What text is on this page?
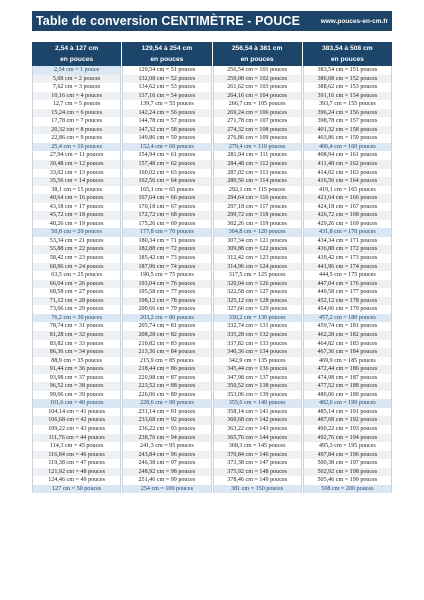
Table de conversion CENTIMÈTRE - POUCE	www.pouces-en-cm.fr
2,54 à 127 cm
en pouces
2,54 cm = 1 pouce
5,08 cm = 2 pouces
7,62 cm = 3 pouces
10,16 cm = 4 pouces
12,7 cm = 5 pouces
15,24 cm = 6 pouces
17,78 cm = 7 pouces
20,32 cm = 8 pouces
22,86 cm = 9 pouces
25,4 cm = 10 pouces
27,94 cm = 11 pouces
30,48 cm = 12 pouces
33,02 cm = 13 pouces
35,56 cm = 14 pouces
38,1 cm = 15 pouces
40,64 cm = 16 pouces
43,18 cm = 17 pouces
45,72 cm = 18 pouces
48,26 cm = 19 pouces
50,8 cm = 20 pouces
53,34 cm = 21 pouces
55,88 cm = 22 pouces
58,42 cm = 23 pouces
60,96 cm = 24 pouces
63,5 cm = 25 pouces
66,04 cm = 26 pouces
68,58 cm = 27 pouces
71,12 cm = 28 pouces
73,66 cm = 29 pouces
76,2 cm = 30 pouces
78,74 cm = 31 pouces
81,28 cm = 32 pouces
83,82 cm = 33 pouces
86,36 cm = 34 pouces
88,9 cm = 35 pouces
91,44 cm = 36 pouces
93,98 cm = 37 pouces
96,52 cm = 38 pouces
99,06 cm = 39 pouces
101,6 cm = 40 pouces
104,14 cm = 41 pouces
106,68 cm = 42 pouces
109,22 cm = 43 pouces
111,76 cm = 44 pouces
114,3 cm = 45 pouces
116,84 cm = 46 pouces
119,38 cm = 47 pouces
121,92 cm = 48 pouces
124,46 cm = 49 pouces
127 cm = 50 pouces
129,54 à 254 cm
en pouces
129,54 cm = 51 pouces
132,08 cm = 52 pouces
134,62 cm = 53 pouces
137,16 cm = 54 pouces
139,7 cm = 55 pouces
142,24 cm = 56 pouces
144,78 cm = 57 pouces
147,32 cm = 58 pouces
149,86 cm = 59 pouces
152,4 cm = 60 pouces
154,94 cm = 61 pouces
157,48 cm = 62 pouces
160,02 cm = 63 pouces
162,56 cm = 64 pouces
165,1 cm = 65 pouces
167,64 cm = 66 pouces
170,18 cm = 67 pouces
172,72 cm = 68 pouces
175,26 cm = 69 pouces
177,8 cm = 70 pouces
180,34 cm = 71 pouces
182,88 cm = 72 pouces
185,42 cm = 73 pouces
187,96 cm = 74 pouces
190,5 cm = 75 pouces
193,04 cm = 76 pouces
195,58 cm = 77 pouces
198,12 cm = 78 pouces
200,66 cm = 79 pouces
203,2 cm = 80 pouces
205,74 cm = 81 pouces
208,28 cm = 82 pouces
210,82 cm = 83 pouces
213,36 cm = 84 pouces
215,9 cm = 85 pouces
218,44 cm = 86 pouces
220,98 cm = 87 pouces
223,52 cm = 88 pouces
226,06 cm = 89 pouces
228,6 cm = 90 pouces
231,14 cm = 91 pouces
233,68 cm = 92 pouces
236,22 cm = 93 pouces
238,76 cm = 94 pouces
241,3 cm = 95 pouces
243,84 cm = 96 pouces
246,38 cm = 97 pouces
248,92 cm = 98 pouces
251,46 cm = 99 pouces
254 cm = 100 pouces
256,54 à 381 cm
en pouces
256,54 cm = 101 pouces
259,08 cm = 102 pouces
261,62 cm = 103 pouces
264,16 cm = 104 pouces
266,7 cm = 105 pouces
269,24 cm = 106 pouces
271,78 cm = 107 pouces
274,32 cm = 108 pouces
276,86 cm = 109 pouces
279,4 cm = 110 pouces
281,94 cm = 111 pouces
284,48 cm = 112 pouces
287,02 cm = 113 pouces
289,56 cm = 114 pouces
292,1 cm = 115 pouces
294,64 cm = 116 pouces
297,18 cm = 117 pouces
299,72 cm = 118 pouces
302,26 cm = 119 pouces
304,8 cm = 120 pouces
307,34 cm = 121 pouces
309,88 cm = 122 pouces
312,42 cm = 123 pouces
314,96 cm = 124 pouces
317,5 cm = 125 pouces
320,04 cm = 126 pouces
322,58 cm = 127 pouces
325,12 cm = 128 pouces
327,66 cm = 129 pouces
330,2 cm = 130 pouces
332,74 cm = 131 pouces
335,28 cm = 132 pouces
337,82 cm = 133 pouces
340,36 cm = 134 pouces
342,9 cm = 135 pouces
345,44 cm = 136 pouces
347,98 cm = 137 pouces
350,52 cm = 138 pouces
353,06 cm = 139 pouces
355,6 cm = 140 pouces
358,14 cm = 141 pouces
360,68 cm = 142 pouces
363,22 cm = 143 pouces
365,76 cm = 144 pouces
368,3 cm = 145 pouces
370,84 cm = 146 pouces
373,38 cm = 147 pouces
375,92 cm = 148 pouces
378,46 cm = 149 pouces
381 cm = 150 pouces
383,54 à 508 cm
en pouces
383,54 cm = 151 pouces
386,08 cm = 152 pouces
388,62 cm = 153 pouces
391,16 cm = 154 pouces
393,7 cm = 155 pouces
396,24 cm = 156 pouces
398,78 cm = 157 pouces
401,32 cm = 158 pouces
403,86 cm = 159 pouces
406,4 cm = 160 pouces
408,94 cm = 161 pouces
411,48 cm = 162 pouces
414,02 cm = 163 pouces
416,56 cm = 164 pouces
419,1 cm = 165 pouces
421,64 cm = 166 pouces
424,18 cm = 167 pouces
426,72 cm = 168 pouces
429,26 cm = 169 pouces
431,8 cm = 170 pouces
434,34 cm = 171 pouces
436,88 cm = 172 pouces
439,42 cm = 173 pouces
441,96 cm = 174 pouces
444,5 cm = 175 pouces
447,04 cm = 176 pouces
449,58 cm = 177 pouces
452,12 cm = 178 pouces
454,66 cm = 179 pouces
457,2 cm = 180 pouces
459,74 cm = 181 pouces
462,28 cm = 182 pouces
464,82 cm = 183 pouces
467,36 cm = 184 pouces
469,9 cm = 185 pouces
472,44 cm = 186 pouces
474,98 cm = 187 pouces
477,52 cm = 188 pouces
480,06 cm = 189 pouces
482,6 cm = 190 pouces
485,14 cm = 191 pouces
487,68 cm = 192 pouces
490,22 cm = 193 pouces
492,76 cm = 194 pouces
495,3 cm = 195 pouces
497,84 cm = 196 pouces
500,38 cm = 197 pouces
502,92 cm = 198 pouces
505,46 cm = 199 pouces
508 cm = 200 pouces
